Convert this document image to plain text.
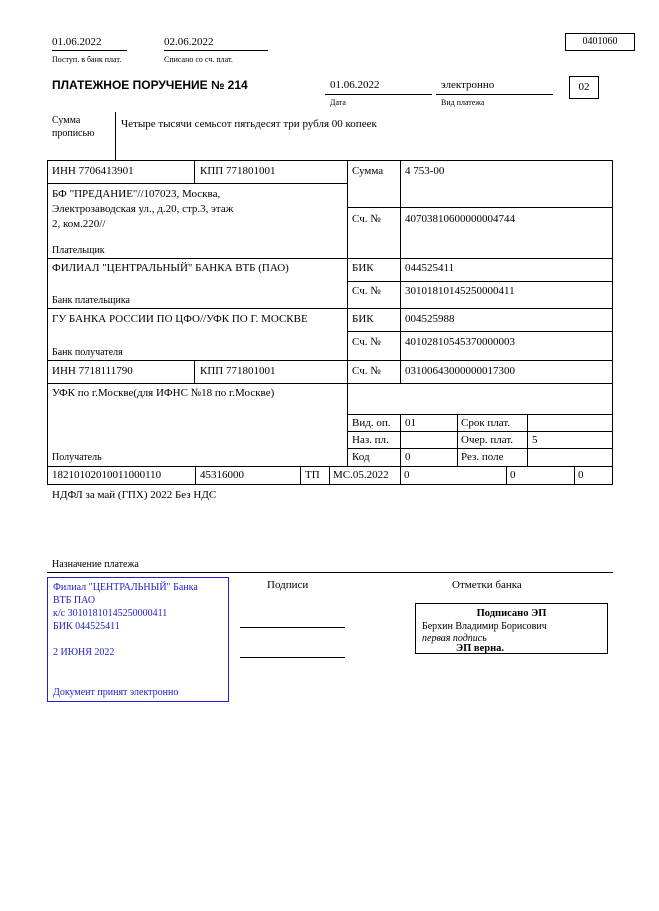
01.06.2022
Поступ. в банк плат.
02.06.2022
Списано со сч. плат.
0401060
ПЛАТЕЖНОЕ ПОРУЧЕНИЕ № 214	01.06.2022
Дата
электронно
Вид платежа
02
Сумма
прописью
Четыре тысячи семьсот пятьдесят три рубля 00 копеек
ИНН 7706413901	КПП 771801001	Сумма 4 753-00
БФ "ПРЕДАНИЕ"//107023, Москва,
Электрозаводская ул., д.20, стр.3, этаж
2, ком.220//	Сч. № 40703810600000004744
Плательщик
ФИЛИАЛ "ЦЕНТРАЛЬНЫЙ" БАНКА ВТБ (ПАО)	БИК	044525411
Сч. № 30101810145250000411
Банк плательщика
ГУ БАНКА РОССИИ ПО ЦФО//УФК ПО Г. МОСКВЕ	БИК	004525988
Сч. № 40102810545370000003
Банк получателя
ИНН 7718111790	КПП 771801001	Сч. № 03100643000000017300
УФК по г.Москве(для ИФНС №18 по г.Москве)
Получатель
Вид. оп. 01	Срок плат.
Наз. пл.	Очер. плат. 5
Код	0	Рез. поле
18210102010011000110	45316000	ТП МС.05.2022 0	0	0
НДФЛ за май (ГПХ) 2022 Без НДС
Назначение платежа
Филиал "ЦЕНТРАЛЬНЫЙ" Банка
ВТБ ПАО
к/с 30101810145250000411
БИК 044525411
2 ИЮНЯ 2022
Документ принят электронно
Подписи	Отметки банка
Подписано ЭП
Берхин Владимир Борисович
первая подпись
ЭП верна.
